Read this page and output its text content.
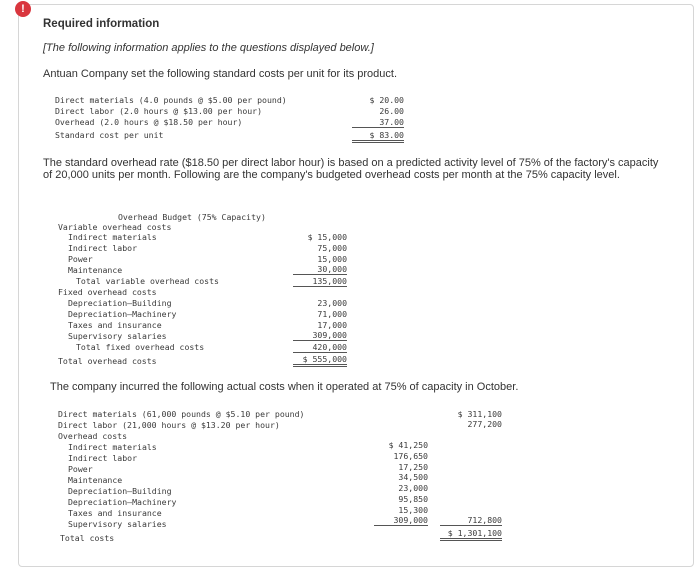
!
Required information
[The following information applies to the questions displayed below.]
Antuan Company set the following standard costs per unit for its product.
Direct materials (4.0 pounds @ $5.00 per pound)	$ 20.00
Direct labor (2.0 hours @ $13.00 per hour)	26.00
Overhead (2.0 hours @ $18.50 per hour)	37.00
Standard cost per unit	$ 83.00
The standard overhead rate ($18.50 per direct labor hour) is based on a predicted activity level of 75% of the factory's capacity of 20,000 units per month. Following are the company's budgeted overhead costs per month at the 75% capacity level.
Overhead Budget (75% Capacity)
Variable overhead costs
Indirect materials	$ 15,000
Indirect labor	75,000
Power	15,000
Maintenance	30,000
Total variable overhead costs	135,000
Fixed overhead costs
Depreciation—Building	23,000
Depreciation—Machinery	71,000
Taxes and insurance	17,000
Supervisory salaries	309,000
Total fixed overhead costs	420,000
Total overhead costs	$ 555,000
The company incurred the following actual costs when it operated at 75% of capacity in October.
Direct materials (61,000 pounds @ $5.10 per pound)	$ 311,100
Direct labor (21,000 hours @ $13.20 per hour)	277,200
Overhead costs
Indirect materials	$ 41,250
Indirect labor	176,650
Power	17,250
Maintenance	34,500
Depreciation—Building	23,000
Depreciation—Machinery	95,850
Taxes and insurance	15,300
Supervisory salaries	309,000	712,800
Total costs	$ 1,301,100
